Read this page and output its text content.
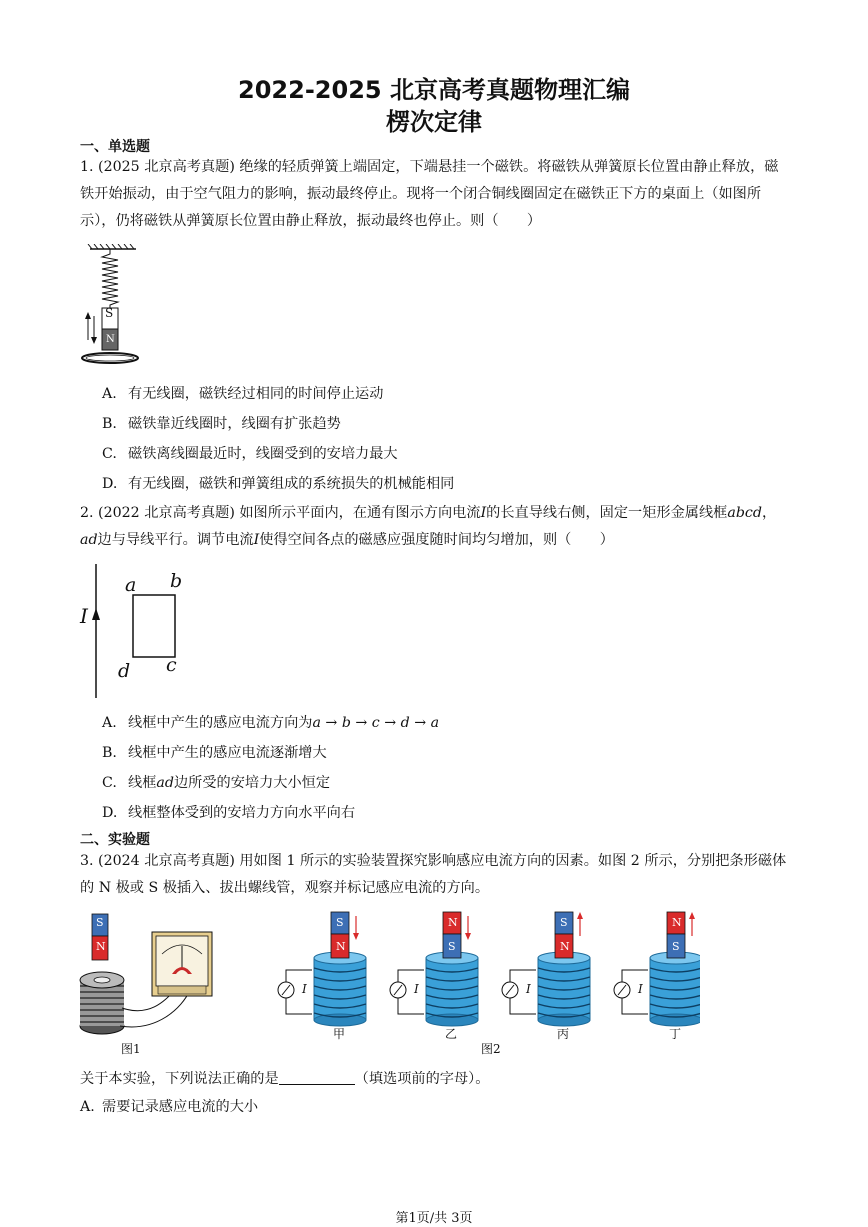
2022-2025 北京高考真题物理汇编
楞次定律
一、单选题
1. (2025 北京高考真题) 绝缘的轻质弹簧上端固定，下端悬挂一个磁铁。将磁铁从弹簧原长位置由静止释放，磁铁开始振动，由于空气阻力的影响，振动最终停止。现将一个闭合铜线圈固定在磁铁正下方的桌面上（如图所示），仍将磁铁从弹簧原长位置由静止释放，振动最终也停止。则（　　）
S
N
A. 有无线圈，磁铁经过相同的时间停止运动
B. 磁铁靠近线圈时，线圈有扩张趋势
C. 磁铁离线圈最近时，线圈受到的安培力最大
D. 有无线圈，磁铁和弹簧组成的系统损失的机械能相同
2. (2022 北京高考真题) 如图所示平面内，在通有图示方向电流I的长直导线右侧，固定一矩形金属线框abcd，ad边与导线平行。调节电流I使得空间各点的磁感应强度随时间均匀增加，则（　　）
I
a b
c
d
A. 线框中产生的感应电流方向为a → b → c → d → a
B. 线框中产生的感应电流逐渐增大
C. 线框ad边所受的安培力大小恒定
D. 线框整体受到的安培力方向水平向右
二、实验题
3. (2024 北京高考真题) 用如图 1 所示的实验装置探究影响感应电流方向的因素。如图 2 所示，分别把条形磁体的 N 极或 S 极插入、拔出螺线管，观察并标记感应电流的方向。
S
N
图1
S
N
I
甲
N
S
I
乙
S
N
I
丙
N
S
I
丁
图2
关于本实验，下列说法正确的是	（填选项前的字母）。
A. 需要记录感应电流的大小
第1页/共 3页
